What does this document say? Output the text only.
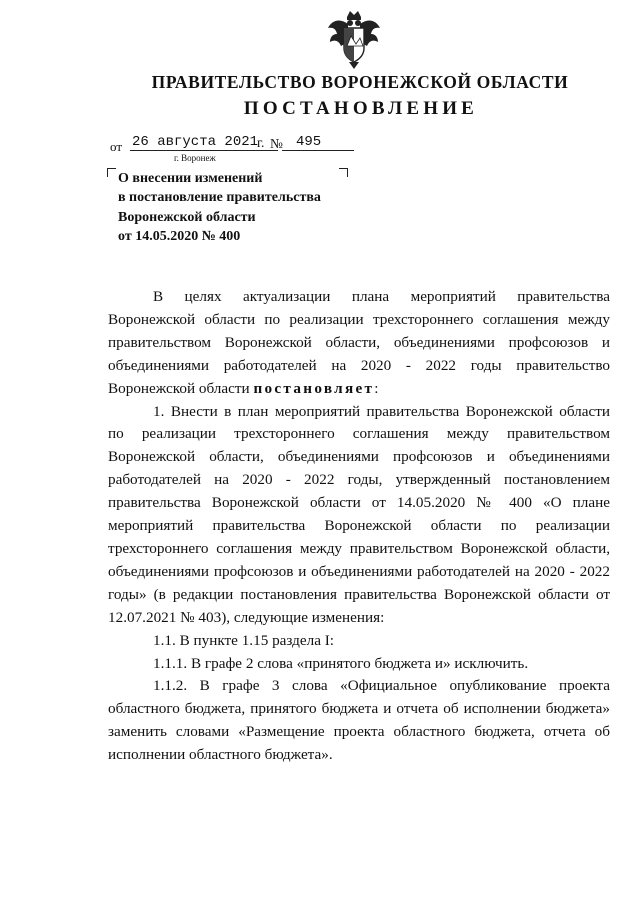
ПРАВИТЕЛЬСТВО ВОРОНЕЖСКОЙ ОБЛАСТИ
ПОСТАНОВЛЕНИЕ
от 26 августа 2021
г. № 495
г. Воронеж
О внесении изменений
в постановление правительства
Воронежской области
от 14.05.2020 № 400

В целях актуализации плана мероприятий правительства Воронежской области по реализации трехстороннего соглашения между правительством Воронежской области, объединениями профсоюзов и объединениями работодателей на 2020 - 2022 годы правительство Воронежской области постановляет:

1. Внести в план мероприятий правительства Воронежской области по реализации трехстороннего соглашения между правительством Воронежской области, объединениями профсоюзов и объединениями работодателей на 2020 - 2022 годы, утвержденный постановлением правительства Воронежской области от 14.05.2020 № 400 «О плане мероприятий правительства Воронежской области по реализации трехстороннего соглашения между правительством Воронежской области, объединениями профсоюзов и объединениями работодателей на 2020 - 2022 годы» (в редакции постановления правительства Воронежской области от 12.07.2021 № 403), следующие изменения:

1.1. В пункте 1.15 раздела I:

1.1.1. В графе 2 слова «принятого бюджета и» исключить.

1.1.2. В графе 3 слова «Официальное опубликование проекта областного бюджета, принятого бюджета и отчета об исполнении бюджета» заменить словами «Размещение проекта областного бюджета, отчета об исполнении областного бюджета».
